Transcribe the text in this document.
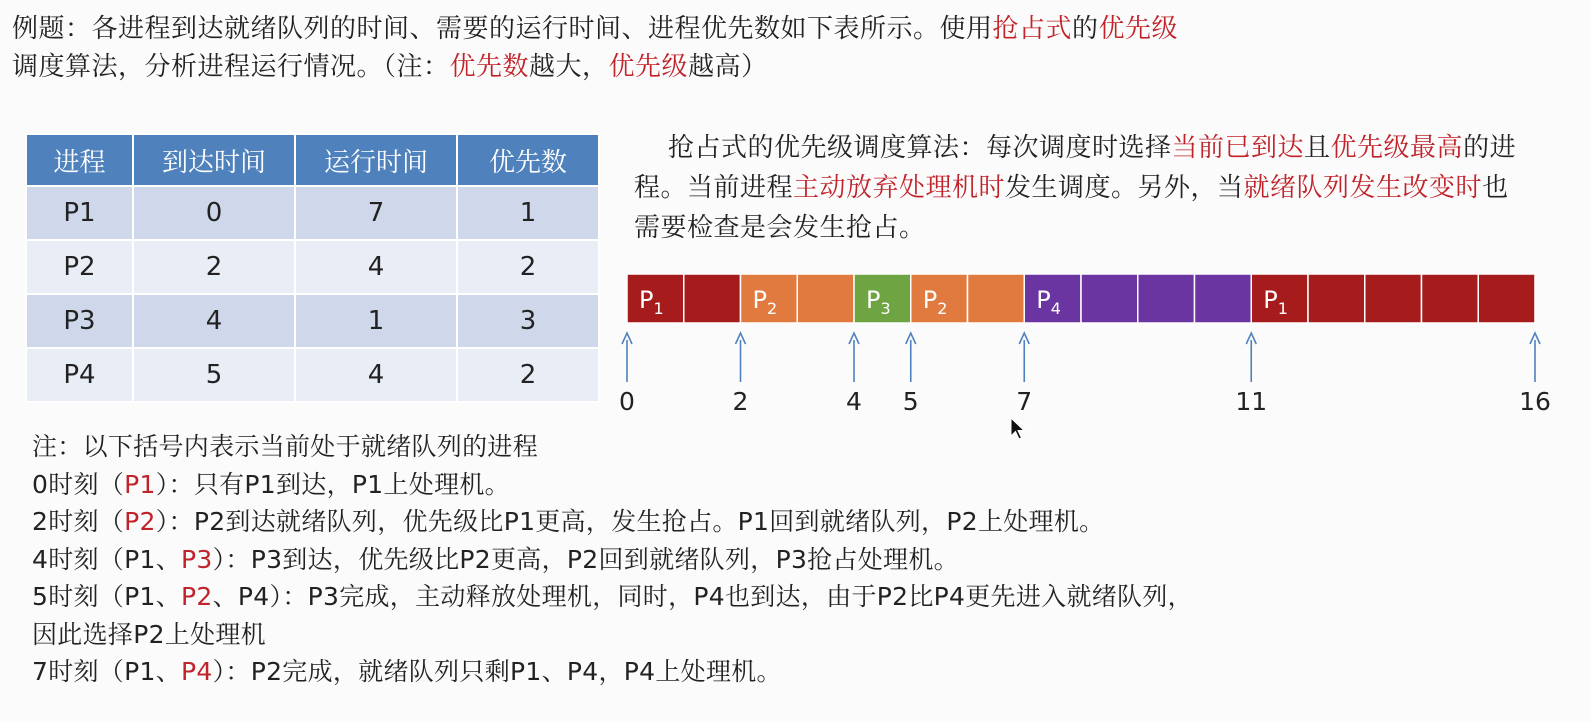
例题：各进程到达就绪队列的时间、需要的运行时间、进程优先数如下表所示。使用抢占式的优先级
调度算法，分析进程运行情况。（注：优先数越大，优先级越高）
进程	到达时间	运行时间	优先数
P1	0	7	1
P2	2	4	2
P3	4	1	3
P4	5	4	2
抢占式的优先级调度算法：每次调度时选择当前已到达且优先级最高的进程。当前进程主动放弃处理机时发生调度。另外，当就绪队列发生改变时也需要检查是会发生抢占。
$P_1$	$P_2$	$P_3$ $P_2$	$P_4$	$P_1$
0	2	4 5	7	11	16
注：以下括号内表示当前处于就绪队列的进程
0时刻（P1）：只有P1到达，P1上处理机。
2时刻（P2）：P2到达就绪队列，优先级比P1更高，发生抢占。P1回到就绪队列，P2上处理机。
4时刻（P1、P3）：P3到达，优先级比P2更高，P2回到就绪队列，P3抢占处理机。
5时刻（P1、P2、P4）：P3完成，主动释放处理机，同时，P4也到达，由于P2比P4更先进入就绪队列，
因此选择P2上处理机
7时刻（P1、P4）：P2完成，就绪队列只剩P1、P4，P4上处理机。
